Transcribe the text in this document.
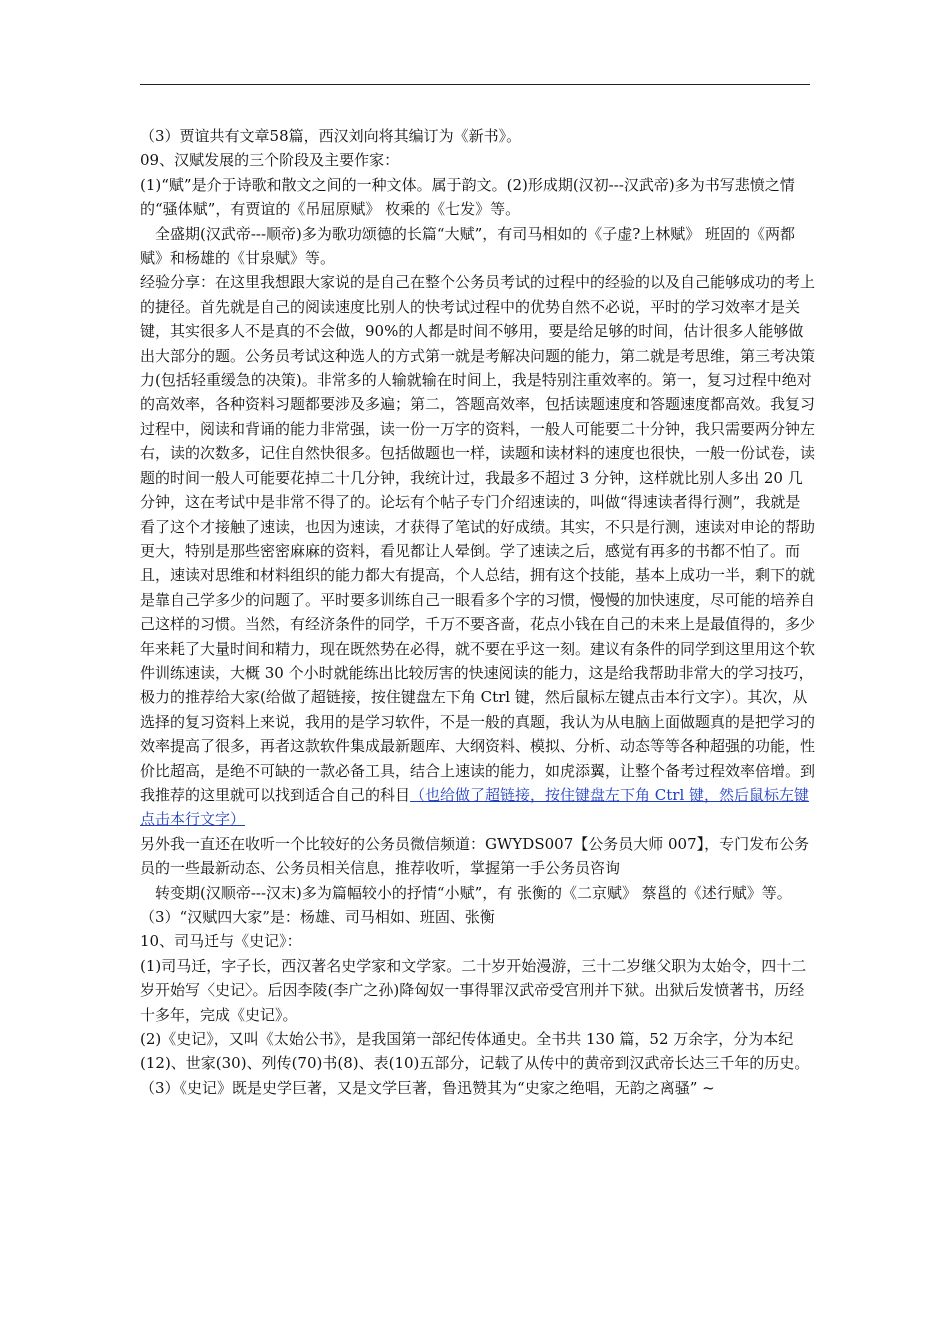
（3）贾谊共有文章58篇，西汉刘向将其编订为《新书》。

09、汉赋发展的三个阶段及主要作家：

(1)“赋”是介于诗歌和散文之间的一种文体。属于韵文。(2)形成期(汉初---汉武帝)多为书写悲愤之情的“骚体赋”，有贾谊的《吊屈原赋》 枚乘的《七发》等。

全盛期(汉武帝---顺帝)多为歌功颂德的长篇“大赋”，有司马相如的《子虚?上林赋》 班固的《两都赋》和杨雄的《甘泉赋》等。

经验分享：在这里我想跟大家说的是自己在整个公务员考试的过程中的经验的以及自己能够成功的考上的捷径。首先就是自己的阅读速度比别人的快考试过程中的优势自然不必说，平时的学习效率才是关键，其实很多人不是真的不会做，90%的人都是时间不够用，要是给足够的时间，估计很多人能够做出大部分的题。公务员考试这种选人的方式第一就是考解决问题的能力，第二就是考思维，第三考决策力(包括轻重缓急的决策)。非常多的人输就输在时间上，我是特别注重效率的。第一，复习过程中绝对的高效率，各种资料习题都要涉及多遍；第二，答题高效率，包括读题速度和答题速度都高效。我复习过程中，阅读和背诵的能力非常强，读一份一万字的资料，一般人可能要二十分钟，我只需要两分钟左右，读的次数多，记住自然快很多。包括做题也一样，读题和读材料的速度也很快，一般一份试卷，读题的时间一般人可能要花掉二十几分钟，我统计过，我最多不超过 3 分钟，这样就比别人多出 20 几分钟，这在考试中是非常不得了的。论坛有个帖子专门介绍速读的，叫做“得速读者得行测”，我就是看了这个才接触了速读，也因为速读，才获得了笔试的好成绩。其实，不只是行测，速读对申论的帮助更大，特别是那些密密麻麻的资料，看见都让人晕倒。学了速读之后，感觉有再多的书都不怕了。而且，速读对思维和材料组织的能力都大有提高，个人总结，拥有这个技能，基本上成功一半，剩下的就是靠自己学多少的问题了。平时要多训练自己一眼看多个字的习惯，慢慢的加快速度，尽可能的培养自己这样的习惯。当然，有经济条件的同学，千万不要吝啬，花点小钱在自己的未来上是最值得的，多少年来耗了大量时间和精力，现在既然势在必得，就不要在乎这一刻。建议有条件的同学到这里用这个软件训练速读，大概 30 个小时就能练出比较厉害的快速阅读的能力，这是给我帮助非常大的学习技巧，极力的推荐给大家(给做了超链接，按住键盘左下角 Ctrl 键，然后鼠标左键点击本行文字）。其次，从选择的复习资料上来说，我用的是学习软件，不是一般的真题，我认为从电脑上面做题真的是把学习的效率提高了很多，再者这款软件集成最新题库、大纲资料、模拟、分析、动态等等各种超强的功能，性价比超高，是绝不可缺的一款必备工具，结合上速读的能力，如虎添翼，让整个备考过程效率倍增。到我推荐的这里就可以找到适合自己的科目（也给做了超链接，按住键盘左下角 Ctrl 键，然后鼠标左键点击本行文字）

另外我一直还在收听一个比较好的公务员微信频道：GWYDS007【公务员大师 007】，专门发布公务员的一些最新动态、公务员相关信息，推荐收听，掌握第一手公务员咨询

转变期(汉顺帝---汉末)多为篇幅较小的抒情“小赋”，有 张衡的《二京赋》 蔡邕的《述行赋》等。

（3）“汉赋四大家”是：杨雄、司马相如、班固、张衡

10、司马迁与《史记》：

(1)司马迁，字子长，西汉著名史学家和文学家。二十岁开始漫游，三十二岁继父职为太始令，四十二岁开始写〈史记〉。后因李陵(李广之孙)降匈奴一事得罪汉武帝受宫刑并下狱。出狱后发愤著书，历经十多年，完成《史记》。

(2)《史记》，又叫《太始公书》，是我国第一部纪传体通史。全书共 130 篇，52 万余字，分为本纪(12)、世家(30)、列传(70)书(8)、表(10)五部分，记载了从传中的黄帝到汉武帝长达三千年的历史。

（3）《史记》既是史学巨著，又是文学巨著，鲁迅赞其为“史家之绝唱，无韵之离骚” ~
